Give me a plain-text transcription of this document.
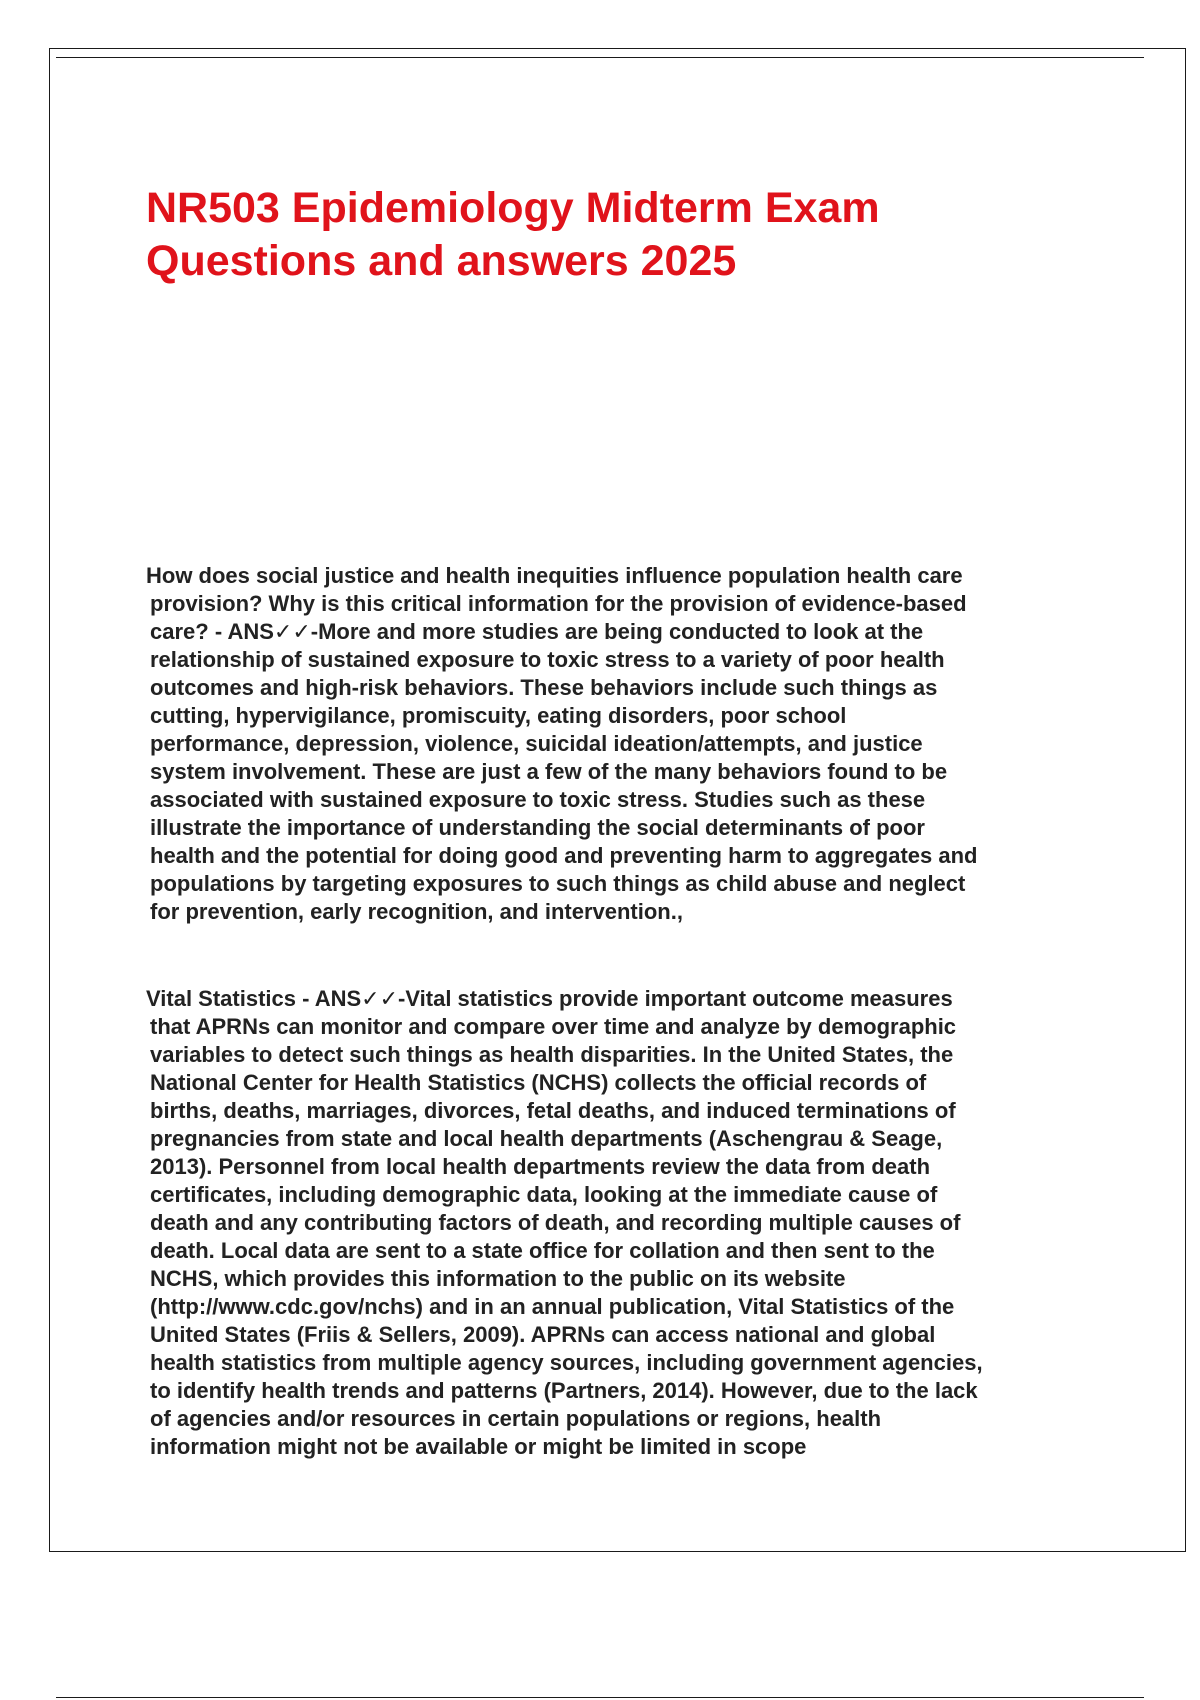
NR503 Epidemiology Midterm Exam
Questions and answers 2025
How does social justice and health inequities influence population health care
provision? Why is this critical information for the provision of evidence-based
care? - ANS✓✓-More and more studies are being conducted to look at the
relationship of sustained exposure to toxic stress to a variety of poor health
outcomes and high-risk behaviors. These behaviors include such things as
cutting, hypervigilance, promiscuity, eating disorders, poor school
performance, depression, violence, suicidal ideation/attempts, and justice
system involvement. These are just a few of the many behaviors found to be
associated with sustained exposure to toxic stress. Studies such as these
illustrate the importance of understanding the social determinants of poor
health and the potential for doing good and preventing harm to aggregates and
populations by targeting exposures to such things as child abuse and neglect
for prevention, early recognition, and intervention.,
Vital Statistics - ANS✓✓-Vital statistics provide important outcome measures
that APRNs can monitor and compare over time and analyze by demographic
variables to detect such things as health disparities. In the United States, the
National Center for Health Statistics (NCHS) collects the official records of
births, deaths, marriages, divorces, fetal deaths, and induced terminations of
pregnancies from state and local health departments (Aschengrau & Seage,
2013). Personnel from local health departments review the data from death
certificates, including demographic data, looking at the immediate cause of
death and any contributing factors of death, and recording multiple causes of
death. Local data are sent to a state office for collation and then sent to the
NCHS, which provides this information to the public on its website
(http://www.cdc.gov/nchs) and in an annual publication, Vital Statistics of the
United States (Friis & Sellers, 2009). APRNs can access national and global
health statistics from multiple agency sources, including government agencies,
to identify health trends and patterns (Partners, 2014). However, due to the lack
of agencies and/or resources in certain populations or regions, health
information might not be available or might be limited in scope
